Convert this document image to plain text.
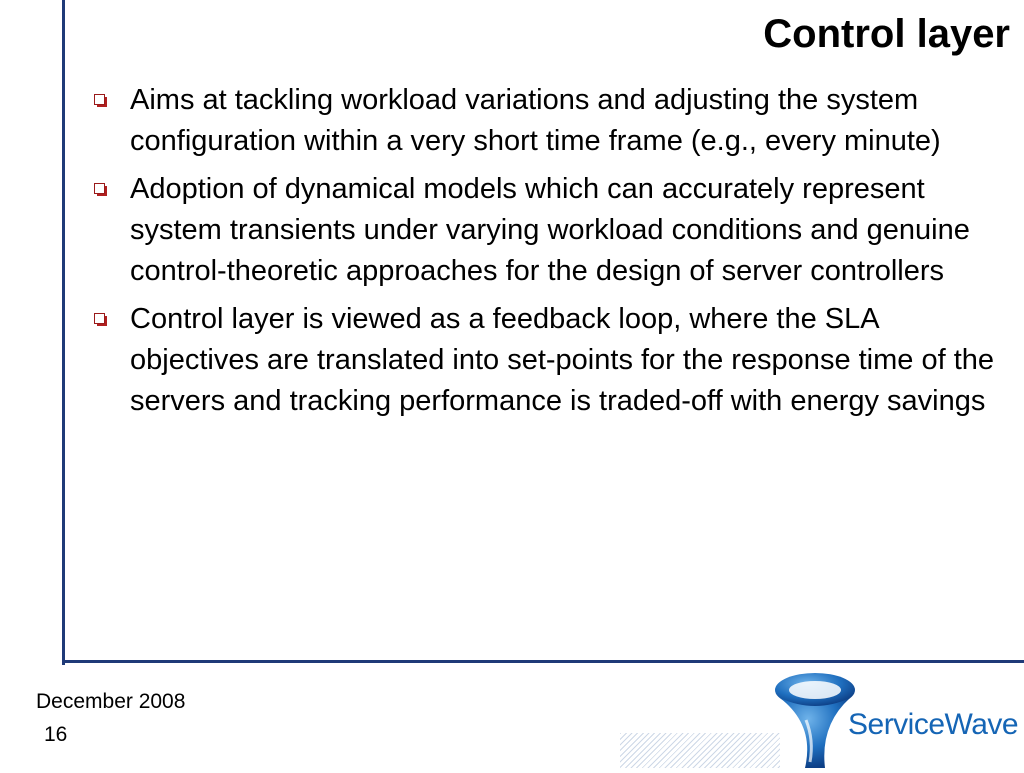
Control layer
Aims at tackling workload variations and adjusting the system configuration within a very short time frame (e.g., every minute)
Adoption of dynamical models which can accurately represent system transients under varying workload conditions and genuine control-theoretic approaches for the design of server controllers
Control layer is viewed as a feedback loop, where the SLA objectives are translated into set-points for the response time of the servers and tracking performance is traded-off with energy savings
December 2008
16	ServiceWave
